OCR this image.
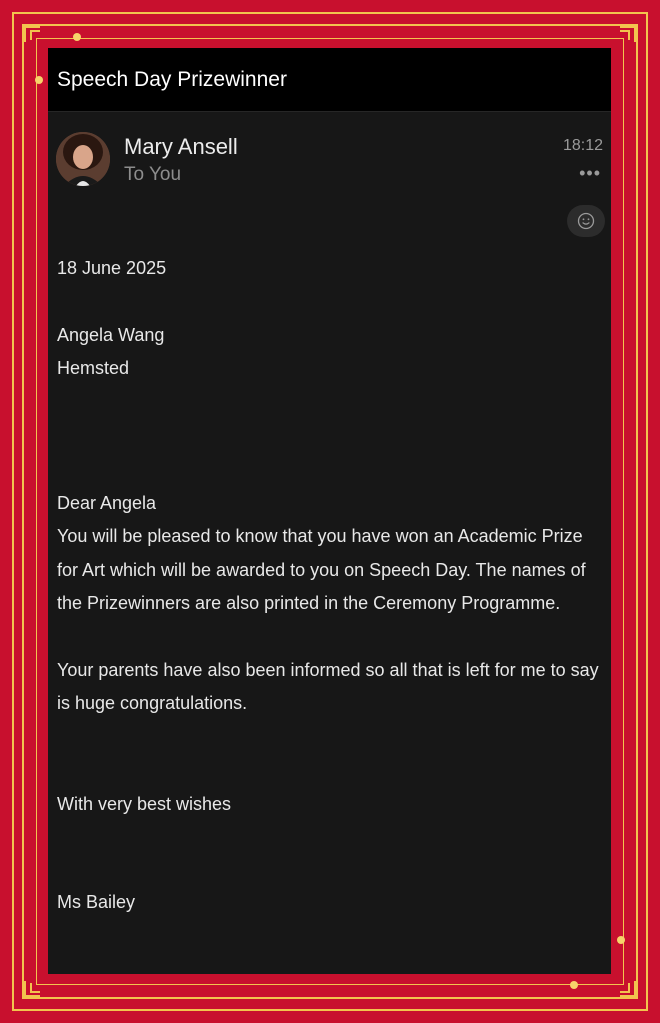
Speech Day Prizewinner
Mary Ansell
To You
18:12
•••

18 June 2025

Angela Wang

Hemsted

Dear Angela

You will be pleased to know that you have won an Academic Prize for Art which will be awarded to you on Speech Day. The names of the Prizewinners are also printed in the Ceremony Programme.

Your parents have also been informed so all that is left for me to say is huge congratulations.

With very best wishes

Ms Bailey
